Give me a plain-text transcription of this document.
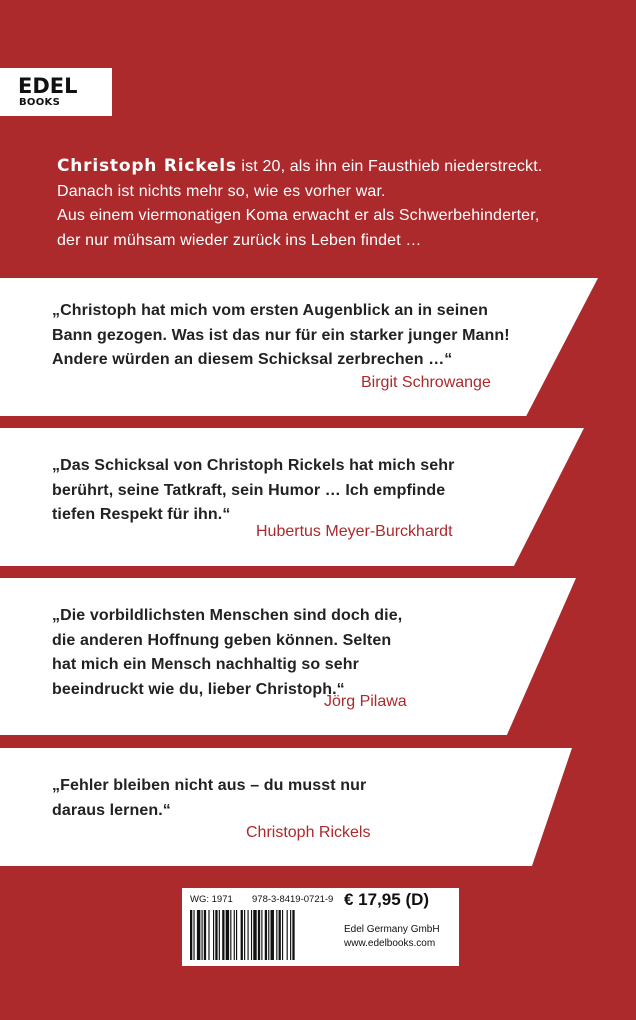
EDEL
BOOKS
Christoph Rickels ist 20, als ihn ein Fausthieb niederstreckt.
Danach ist nichts mehr so, wie es vorher war.
Aus einem viermonatigen Koma erwacht er als Schwerbehinderter,
der nur mühsam wieder zurück ins Leben findet …
„Christoph hat mich vom ersten Augenblick an in seinen
Bann gezogen. Was ist das nur für ein starker junger Mann!
Andere würden an diesem Schicksal zerbrechen …“
Birgit Schrowange
„Das Schicksal von Christoph Rickels hat mich sehr
berührt, seine Tatkraft, sein Humor … Ich empfinde
tiefen Respekt für ihn.“
Hubertus Meyer-Burckhardt
„Die vorbildlichsten Menschen sind doch die,
die anderen Hoffnung geben können. Selten
hat mich ein Mensch nachhaltig so sehr
beeindruckt wie du, lieber Christoph.“
Jörg Pilawa
„Fehler bleiben nicht aus – du musst nur
daraus lernen.“
Christoph Rickels
WG: 1971 978-3-8419-0721-9 € 17,95 (D)
Edel Germany GmbH
www.edelbooks.com
